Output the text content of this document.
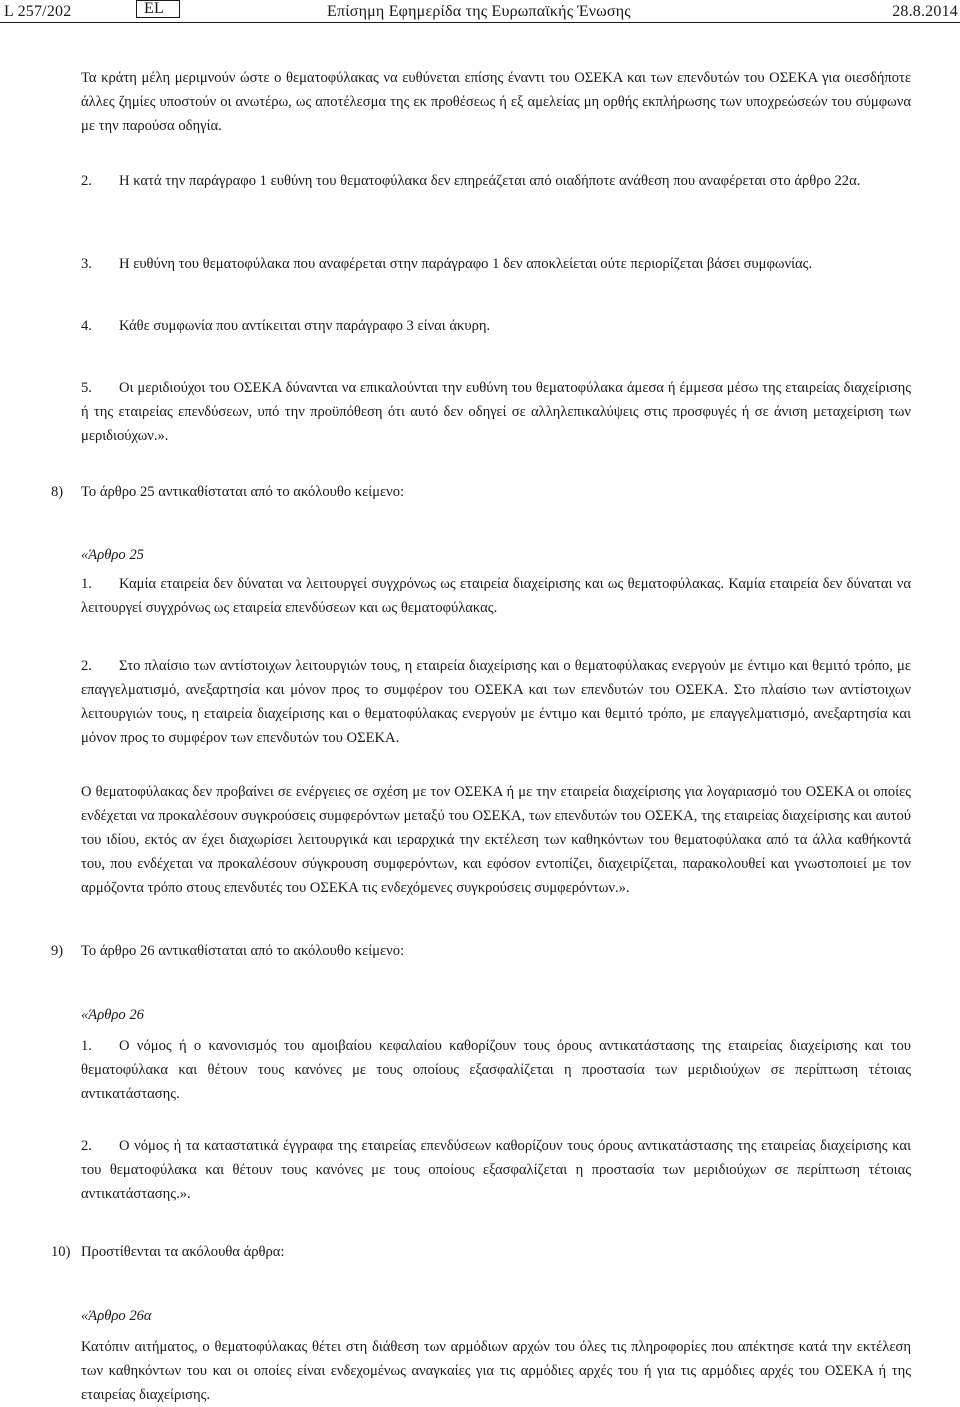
L 257/202	EL	Επίσημη Εφημερίδα της Ευρωπαϊκής Ένωσης	28.8.2014

Τα κράτη μέλη μεριμνούν ώστε ο θεματοφύλακας να ευθύνεται επίσης έναντι του ΟΣΕΚΑ και των επενδυτών του ΟΣΕΚΑ για οιεσδήποτε άλλες ζημίες υποστούν οι ανωτέρω, ως αποτέλεσμα της εκ προθέσεως ή εξ αμελείας μη ορθής εκπλήρωσης των υποχρεώσεών του σύμφωνα με την παρούσα οδηγία.

2. Η κατά την παράγραφο 1 ευθύνη του θεματοφύλακα δεν επηρεάζεται από οιαδήποτε ανάθεση που αναφέρεται στο άρθρο 22α.

3. Η ευθύνη του θεματοφύλακα που αναφέρεται στην παράγραφο 1 δεν αποκλείεται ούτε περιορίζεται βάσει συμφωνίας.

4. Κάθε συμφωνία που αντίκειται στην παράγραφο 3 είναι άκυρη.

5. Οι μεριδιούχοι του ΟΣΕΚΑ δύνανται να επικαλούνται την ευθύνη του θεματοφύλακα άμεσα ή έμμεσα μέσω της εταιρείας διαχείρισης ή της εταιρείας επενδύσεων, υπό την προϋπόθεση ότι αυτό δεν οδηγεί σε αλληλεπικαλύψεις στις προσφυγές ή σε άνιση μεταχείριση των μεριδιούχων.».

8) Το άρθρο 25 αντικαθίσταται από το ακόλουθο κείμενο:

«Άρθρο 25

1. Καμία εταιρεία δεν δύναται να λειτουργεί συγχρόνως ως εταιρεία διαχείρισης και ως θεματοφύλακας. Καμία εταιρεία δεν δύναται να λειτουργεί συγχρόνως ως εταιρεία επενδύσεων και ως θεματοφύλακας.

2. Στο πλαίσιο των αντίστοιχων λειτουργιών τους, η εταιρεία διαχείρισης και ο θεματοφύλακας ενεργούν με έντιμο και θεμιτό τρόπο, με επαγγελματισμό, ανεξαρτησία και μόνον προς το συμφέρον του ΟΣΕΚΑ και των επενδυτών του ΟΣΕΚΑ. Στο πλαίσιο των αντίστοιχων λειτουργιών τους, η εταιρεία διαχείρισης και ο θεματοφύλακας ενεργούν με έντιμο και θεμιτό τρόπο, με επαγγελματισμό, ανεξαρτησία και μόνον προς το συμφέρον των επενδυτών του ΟΣΕΚΑ.

Ο θεματοφύλακας δεν προβαίνει σε ενέργειες σε σχέση με τον ΟΣΕΚΑ ή με την εταιρεία διαχείρισης για λογαριασμό του ΟΣΕΚΑ οι οποίες ενδέχεται να προκαλέσουν συγκρούσεις συμφερόντων μεταξύ του ΟΣΕΚΑ, των επενδυτών του ΟΣΕΚΑ, της εταιρείας διαχείρισης και αυτού του ιδίου, εκτός αν έχει διαχωρίσει λειτουργικά και ιεραρχικά την εκτέλεση των καθηκόντων του θεματοφύλακα από τα άλλα καθήκοντά του, που ενδέχεται να προκαλέσουν σύγκρουση συμφερόντων, και εφόσον εντοπίζει, διαχειρίζεται, παρακολουθεί και γνωστοποιεί με τον αρμόζοντα τρόπο στους επενδυτές του ΟΣΕΚΑ τις ενδεχόμενες συγκρούσεις συμφερόντων.».

9) Το άρθρο 26 αντικαθίσταται από το ακόλουθο κείμενο:

«Άρθρο 26

1. Ο νόμος ή ο κανονισμός του αμοιβαίου κεφαλαίου καθορίζουν τους όρους αντικατάστασης της εταιρείας διαχείρισης και του θεματοφύλακα και θέτουν τους κανόνες με τους οποίους εξασφαλίζεται η προστασία των μεριδιούχων σε περίπτωση τέτοιας αντικατάστασης.

2. Ο νόμος ή τα καταστατικά έγγραφα της εταιρείας επενδύσεων καθορίζουν τους όρους αντικατάστασης της εταιρείας διαχείρισης και του θεματοφύλακα και θέτουν τους κανόνες με τους οποίους εξασφαλίζεται η προστασία των μεριδιούχων σε περίπτωση τέτοιας αντικατάστασης.».

10) Προστίθενται τα ακόλουθα άρθρα:

«Άρθρο 26α

Κατόπιν αιτήματος, ο θεματοφύλακας θέτει στη διάθεση των αρμόδιων αρχών του όλες τις πληροφορίες που απέκτησε κατά την εκτέλεση των καθηκόντων του και οι οποίες είναι ενδεχομένως αναγκαίες για τις αρμόδιες αρχές του ή για τις αρμόδιες αρχές του ΟΣΕΚΑ ή της εταιρείας διαχείρισης.
